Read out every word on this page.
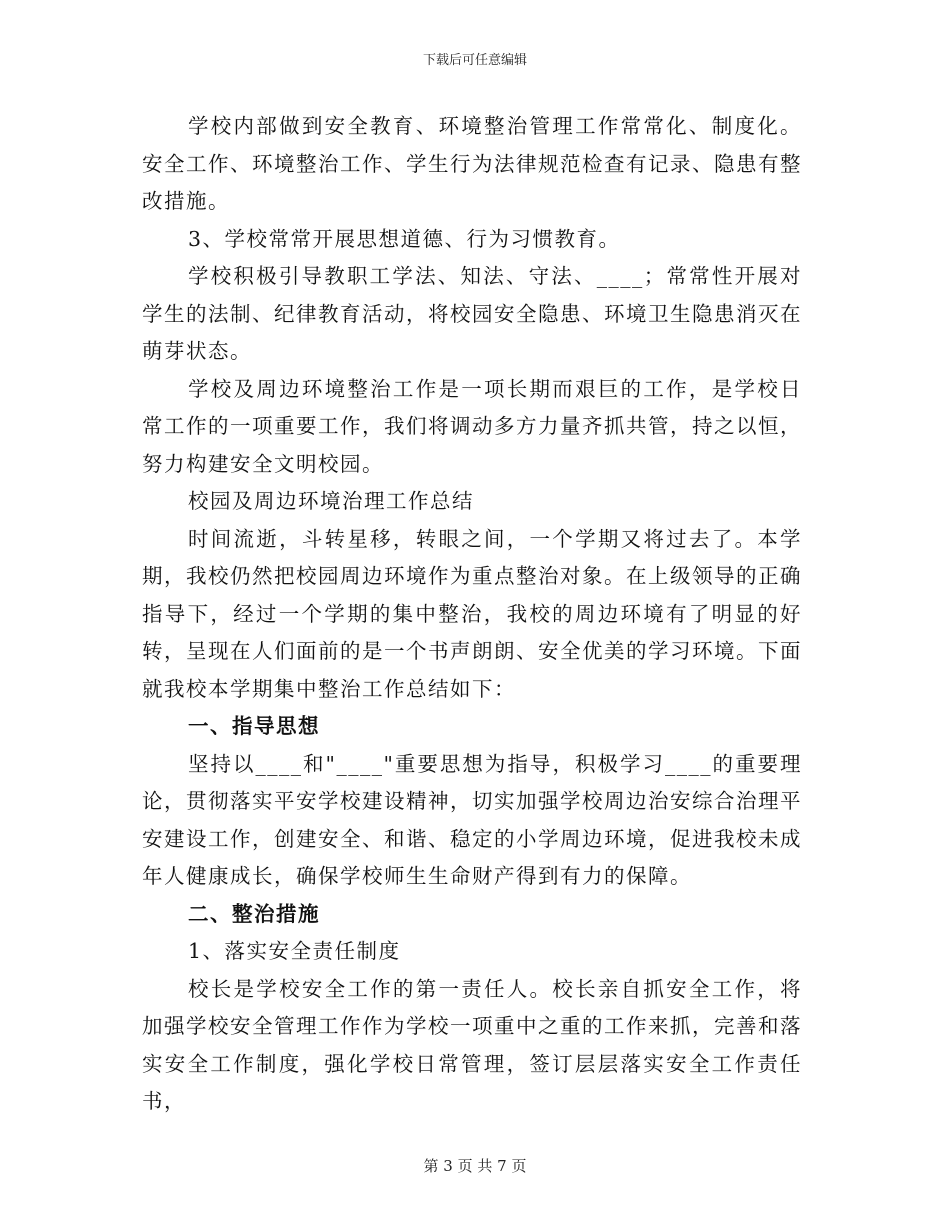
下载后可任意编辑

学校内部做到安全教育、环境整治管理工作常常化、制度化。安全工作、环境整治工作、学生行为法律规范检查有记录、隐患有整改措施。

3、学校常常开展思想道德、行为习惯教育。

学校积极引导教职工学法、知法、守法、____；常常性开展对学生的法制、纪律教育活动，将校园安全隐患、环境卫生隐患消灭在萌芽状态。

学校及周边环境整治工作是一项长期而艰巨的工作，是学校日常工作的一项重要工作，我们将调动多方力量齐抓共管，持之以恒，努力构建安全文明校园。

校园及周边环境治理工作总结

时间流逝，斗转星移，转眼之间，一个学期又将过去了。本学期，我校仍然把校园周边环境作为重点整治对象。在上级领导的正确指导下，经过一个学期的集中整治，我校的周边环境有了明显的好转，呈现在人们面前的是一个书声朗朗、安全优美的学习环境。下面就我校本学期集中整治工作总结如下：

一、指导思想

坚持以____和"____"重要思想为指导，积极学习____的重要理论，贯彻落实平安学校建设精神，切实加强学校周边治安综合治理平安建设工作，创建安全、和谐、稳定的小学周边环境，促进我校未成年人健康成长，确保学校师生生命财产得到有力的保障。

二、整治措施

1、落实安全责任制度

校长是学校安全工作的第一责任人。校长亲自抓安全工作，将加强学校安全管理工作作为学校一项重中之重的工作来抓，完善和落实安全工作制度，强化学校日常管理，签订层层落实安全工作责任书，

第 3 页 共 7 页
